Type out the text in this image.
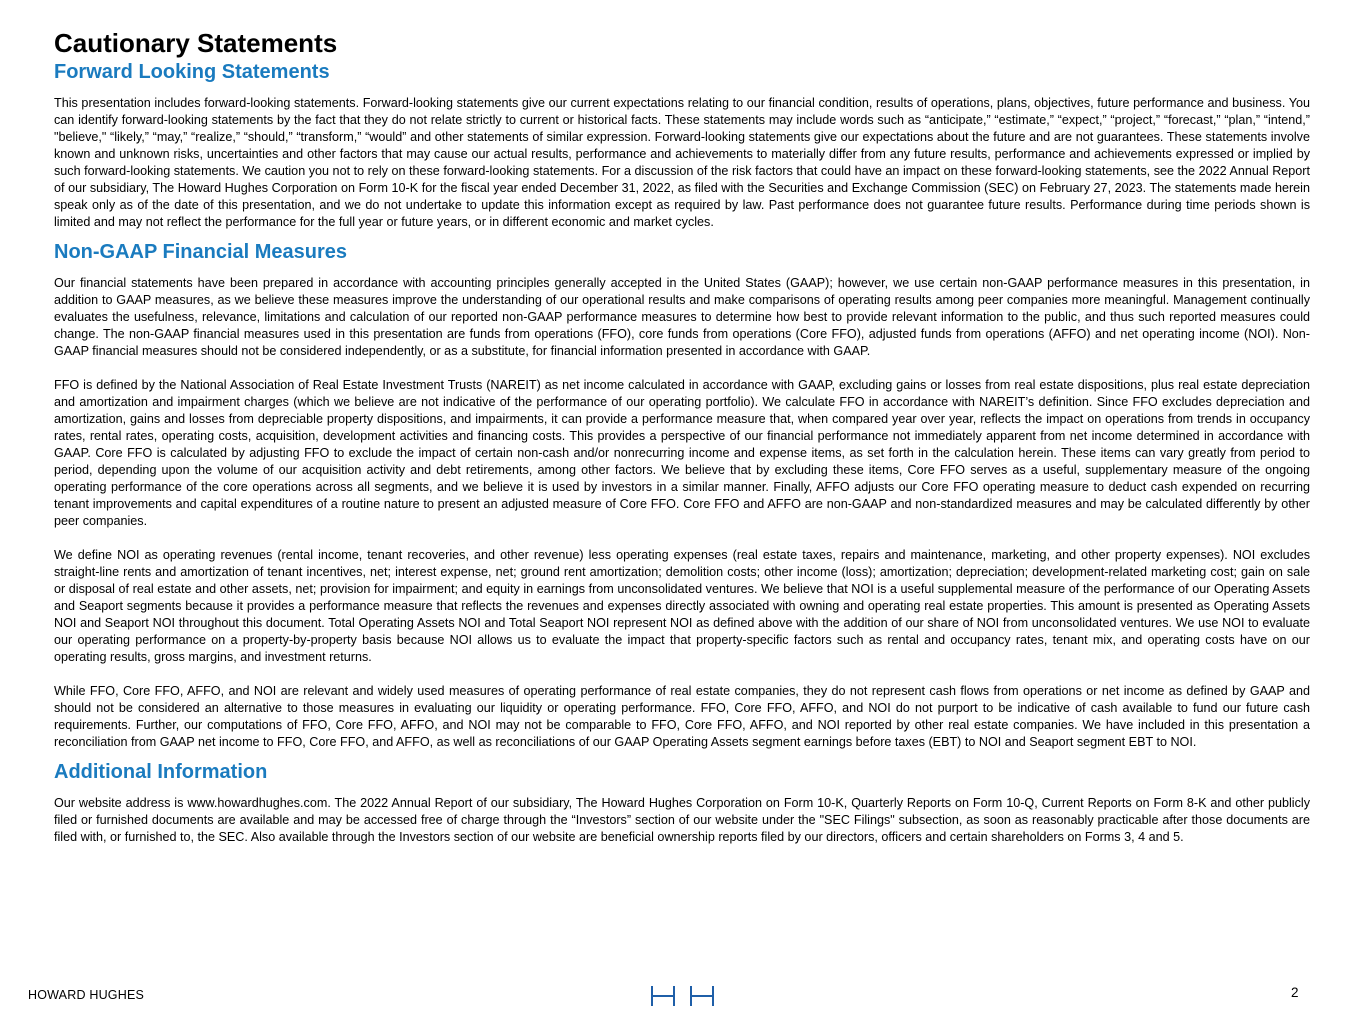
Cautionary Statements
Forward Looking Statements

This presentation includes forward-looking statements. Forward-looking statements give our current expectations relating to our financial condition, results of operations, plans, objectives, future performance and business. You can identify forward-looking statements by the fact that they do not relate strictly to current or historical facts. These statements may include words such as “anticipate,” “estimate,” “expect,” “project,” “forecast,” “plan,” “intend,” "believe," “likely,” “may,” “realize,” “should,” “transform,” “would” and other statements of similar expression. Forward-looking statements give our expectations about the future and are not guarantees. These statements involve known and unknown risks, uncertainties and other factors that may cause our actual results, performance and achievements to materially differ from any future results, performance and achievements expressed or implied by such forward-looking statements. We caution you not to rely on these forward-looking statements. For a discussion of the risk factors that could have an impact on these forward-looking statements, see the 2022 Annual Report of our subsidiary, The Howard Hughes Corporation on Form 10-K for the fiscal year ended December 31, 2022, as filed with the Securities and Exchange Commission (SEC) on February 27, 2023. The statements made herein speak only as of the date of this presentation, and we do not undertake to update this information except as required by law. Past performance does not guarantee future results. Performance during time periods shown is limited and may not reflect the performance for the full year or future years, or in different economic and market cycles.

Non-GAAP Financial Measures

Our financial statements have been prepared in accordance with accounting principles generally accepted in the United States (GAAP); however, we use certain non-GAAP performance measures in this presentation, in addition to GAAP measures, as we believe these measures improve the understanding of our operational results and make comparisons of operating results among peer companies more meaningful. Management continually evaluates the usefulness, relevance, limitations and calculation of our reported non-GAAP performance measures to determine how best to provide relevant information to the public, and thus such reported measures could change. The non-GAAP financial measures used in this presentation are funds from operations (FFO), core funds from operations (Core FFO), adjusted funds from operations (AFFO) and net operating income (NOI). Non-GAAP financial measures should not be considered independently, or as a substitute, for financial information presented in accordance with GAAP.

FFO is defined by the National Association of Real Estate Investment Trusts (NAREIT) as net income calculated in accordance with GAAP, excluding gains or losses from real estate dispositions, plus real estate depreciation and amortization and impairment charges (which we believe are not indicative of the performance of our operating portfolio). We calculate FFO in accordance with NAREIT’s definition. Since FFO excludes depreciation and amortization, gains and losses from depreciable property dispositions, and impairments, it can provide a performance measure that, when compared year over year, reflects the impact on operations from trends in occupancy rates, rental rates, operating costs, acquisition, development activities and financing costs. This provides a perspective of our financial performance not immediately apparent from net income determined in accordance with GAAP. Core FFO is calculated by adjusting FFO to exclude the impact of certain non-cash and/or nonrecurring income and expense items, as set forth in the calculation herein. These items can vary greatly from period to period, depending upon the volume of our acquisition activity and debt retirements, among other factors. We believe that by excluding these items, Core FFO serves as a useful, supplementary measure of the ongoing operating performance of the core operations across all segments, and we believe it is used by investors in a similar manner. Finally, AFFO adjusts our Core FFO operating measure to deduct cash expended on recurring tenant improvements and capital expenditures of a routine nature to present an adjusted measure of Core FFO. Core FFO and AFFO are non-GAAP and non-standardized measures and may be calculated differently by other peer companies.

We define NOI as operating revenues (rental income, tenant recoveries, and other revenue) less operating expenses (real estate taxes, repairs and maintenance, marketing, and other property expenses). NOI excludes straight-line rents and amortization of tenant incentives, net; interest expense, net; ground rent amortization; demolition costs; other income (loss); amortization; depreciation; development-related marketing cost; gain on sale or disposal of real estate and other assets, net; provision for impairment; and equity in earnings from unconsolidated ventures. We believe that NOI is a useful supplemental measure of the performance of our Operating Assets and Seaport segments because it provides a performance measure that reflects the revenues and expenses directly associated with owning and operating real estate properties. This amount is presented as Operating Assets NOI and Seaport NOI throughout this document. Total Operating Assets NOI and Total Seaport NOI represent NOI as defined above with the addition of our share of NOI from unconsolidated ventures. We use NOI to evaluate our operating performance on a property-by-property basis because NOI allows us to evaluate the impact that property-specific factors such as rental and occupancy rates, tenant mix, and operating costs have on our operating results, gross margins, and investment returns.

While FFO, Core FFO, AFFO, and NOI are relevant and widely used measures of operating performance of real estate companies, they do not represent cash flows from operations or net income as defined by GAAP and should not be considered an alternative to those measures in evaluating our liquidity or operating performance. FFO, Core FFO, AFFO, and NOI do not purport to be indicative of cash available to fund our future cash requirements. Further, our computations of FFO, Core FFO, AFFO, and NOI may not be comparable to FFO, Core FFO, AFFO, and NOI reported by other real estate companies. We have included in this presentation a reconciliation from GAAP net income to FFO, Core FFO, and AFFO, as well as reconciliations of our GAAP Operating Assets segment earnings before taxes (EBT) to NOI and Seaport segment EBT to NOI.

Additional Information

Our website address is www.howardhughes.com. The 2022 Annual Report of our subsidiary, The Howard Hughes Corporation on Form 10-K, Quarterly Reports on Form 10-Q, Current Reports on Form 8-K and other publicly filed or furnished documents are available and may be accessed free of charge through the “Investors” section of our website under the "SEC Filings" subsection, as soon as reasonably practicable after those documents are filed with, or furnished to, the SEC. Also available through the Investors section of our website are beneficial ownership reports filed by our directors, officers and certain shareholders on Forms 3, 4 and 5.

HOWARD HUGHES	2
